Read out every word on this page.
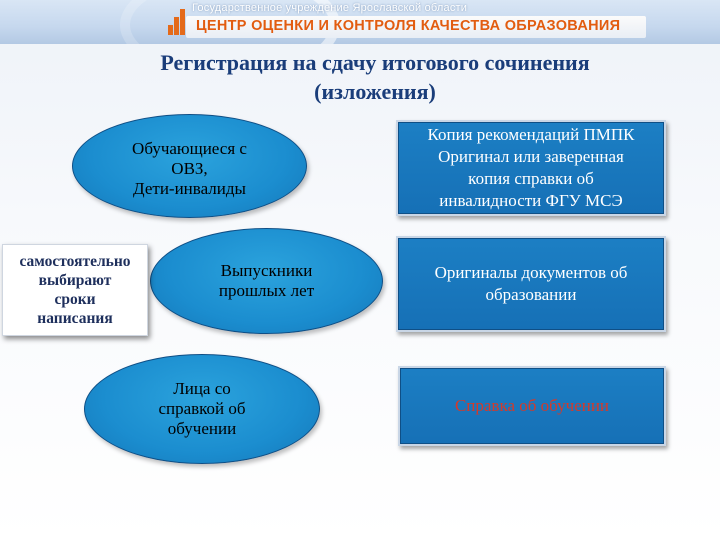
Государственное учреждение Ярославской области
ЦЕНТР ОЦЕНКИ И КОНТРОЛЯ КАЧЕСТВА ОБРАЗОВАНИЯ
Регистрация на сдачу итогового сочинения
(изложения)
Обучающиеся с
ОВЗ,
Дети-инвалиды
Выпускники
прошлых лет
Лица со
справкой об
обучении
самостоятельно
выбирают
сроки
написания
Копия рекомендаций ПМПК
Оригинал или заверенная
копия справки об
инвалидности ФГУ МСЭ
Оригиналы документов об
образовании
Справка об обучении
